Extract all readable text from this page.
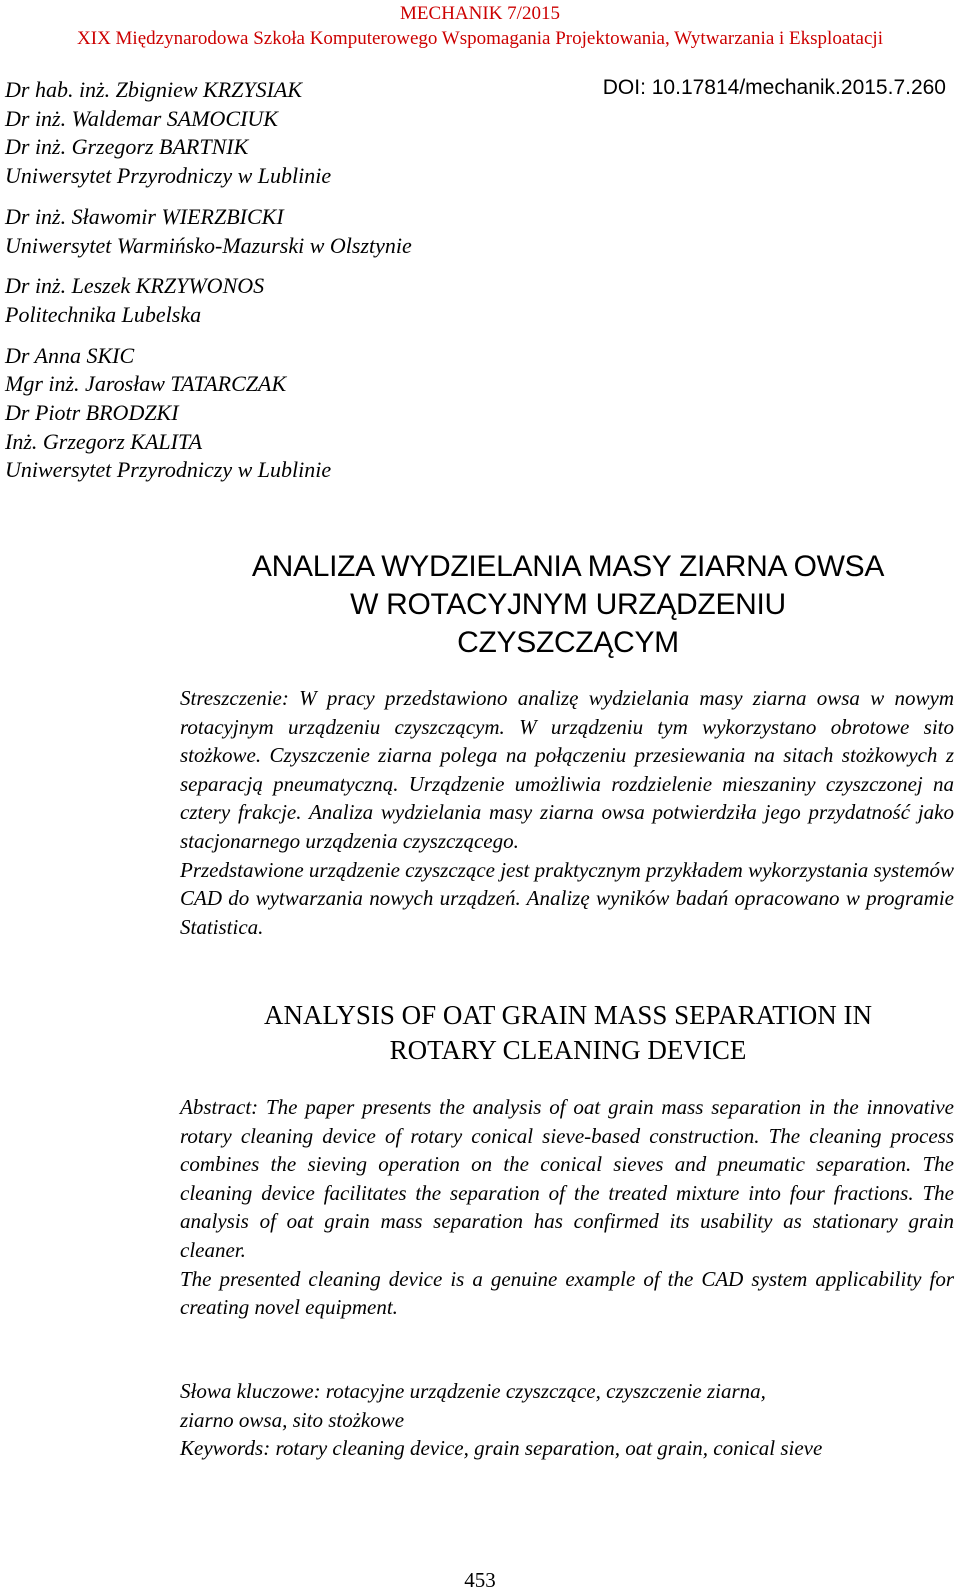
MECHANIK 7/2015
XIX Międzynarodowa Szkoła Komputerowego Wspomagania Projektowania, Wytwarzania i Eksploatacji
DOI: 10.17814/mechanik.2015.7.260
Dr hab. inż. Zbigniew KRZYSIAK
Dr inż. Waldemar SAMOCIUK
Dr inż. Grzegorz BARTNIK
Uniwersytet Przyrodniczy w Lublinie
Dr inż. Sławomir WIERZBICKI
Uniwersytet Warmińsko-Mazurski w Olsztynie
Dr inż. Leszek KRZYWONOS
Politechnika Lubelska
Dr Anna SKIC
Mgr inż. Jarosław TATARCZAK
Dr Piotr BRODZKI
Inż. Grzegorz KALITA
Uniwersytet Przyrodniczy w Lublinie
ANALIZA WYDZIELANIA MASY ZIARNA OWSA
W ROTACYJNYM URZĄDZENIU
CZYSZCZĄCYM
Streszczenie: W pracy przedstawiono analizę wydzielania masy ziarna owsa w nowym rotacyjnym urządzeniu czyszczącym. W urządzeniu tym wykorzystano obrotowe sito stożkowe. Czyszczenie ziarna polega na połączeniu przesiewania na sitach stożkowych z separacją pneumatyczną. Urządzenie umożliwia rozdzielenie mieszaniny czyszczonej na cztery frakcje. Analiza wydzielania masy ziarna owsa potwierdziła jego przydatność jako stacjonarnego urządzenia czyszczącego.
Przedstawione urządzenie czyszczące jest praktycznym przykładem wykorzystania systemów CAD do wytwarzania nowych urządzeń. Analizę wyników badań opracowano w programie Statistica.
ANALYSIS OF OAT GRAIN MASS SEPARATION IN
ROTARY CLEANING DEVICE
Abstract: The paper presents the analysis of oat grain mass separation in the innovative rotary cleaning device of rotary conical sieve-based construction. The cleaning process combines the sieving operation on the conical sieves and pneumatic separation. The cleaning device facilitates the separation of the treated mixture into four fractions. The analysis of oat grain mass separation has confirmed its usability as stationary grain cleaner.
The presented cleaning device is a genuine example of the CAD system applicability for creating novel equipment.
Słowa kluczowe: rotacyjne urządzenie czyszczące, czyszczenie ziarna,
ziarno owsa, sito stożkowe
Keywords: rotary cleaning device, grain separation, oat grain, conical sieve
453
